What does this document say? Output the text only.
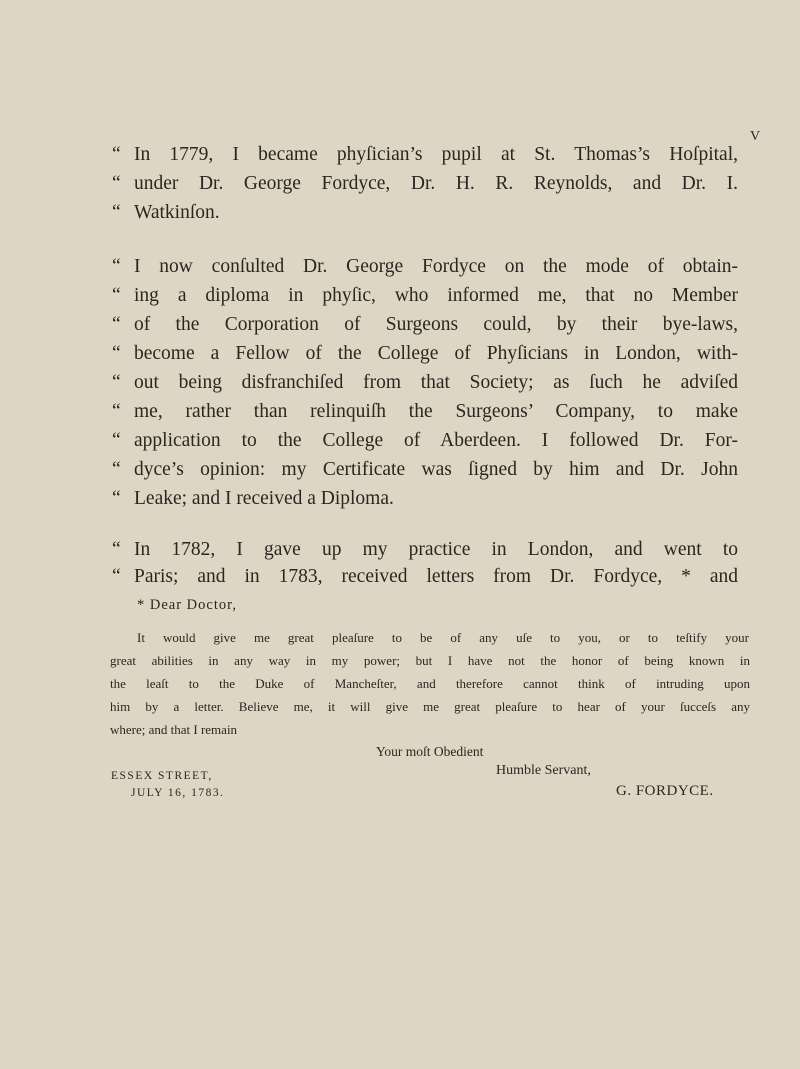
V
“ In 1779, I became phyſician’s pupil at St. Thomas’s Hoſpital,
“ under Dr. George Fordyce, Dr. H. R. Reynolds, and Dr. I.
“ Watkinſon.
“ I now conſulted Dr. George Fordyce on the mode of obtain-
“ ing a diploma in phyſic, who informed me, that no Member
“ of the Corporation of Surgeons could, by their bye-laws,
“ become a Fellow of the College of Phyſicians in London, with-
“ out being disfranchiſed from that Society; as ſuch he adviſed
“ me, rather than relinquiſh the Surgeons’ Company, to make
“ application to the College of Aberdeen. I followed Dr. For-
“ dyce’s opinion: my Certificate was ſigned by him and Dr. John
“ Leake; and I received a Diploma.
“ In 1782, I gave up my practice in London, and went to
“ Paris; and in 1783, received letters from Dr. Fordyce, * and
* Dear Doctor,
It would give me great pleaſure to be of any uſe to you, or to teſtify your
great abilities in any way in my power; but I have not the honor of being known in
the leaſt to the Duke of Mancheſter, and therefore cannot think of intruding upon
him by a letter. Believe me, it will give me great pleaſure to hear of your ſucceſs any
where; and that I remain
Your moſt Obedient
ESSEX STREET,	Humble Servant,
JULY 16, 1783.	G. FORDYCE.
